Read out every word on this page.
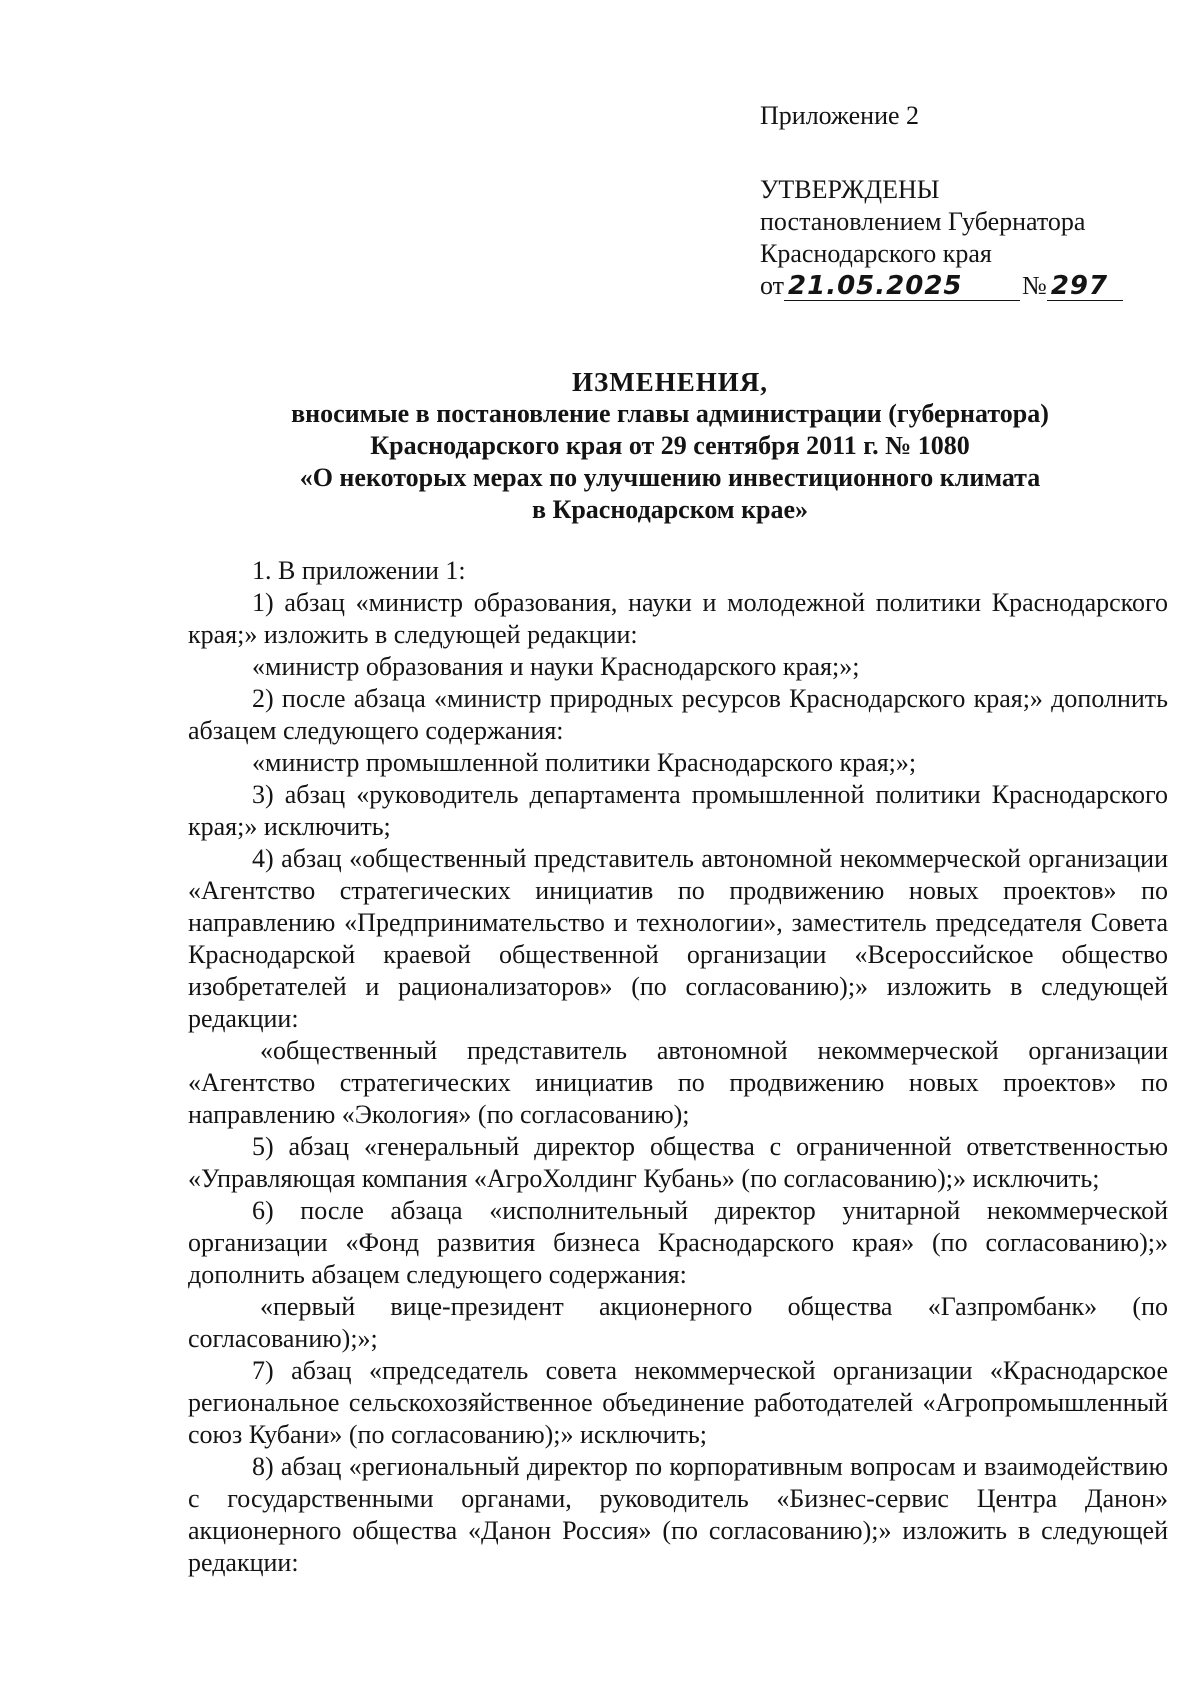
Приложение 2
УТВЕРЖДЕНЫ
постановлением Губернатора
Краснодарского края
от 21.05.2025 № 297
ИЗМЕНЕНИЯ,
вносимые в постановление главы администрации (губернатора)
Краснодарского края от 29 сентября 2011 г. № 1080
«О некоторых мерах по улучшению инвестиционного климата
в Краснодарском крае»

1. В приложении 1:

1) абзац «министр образования, науки и молодежной политики Краснодарского края;» изложить в следующей редакции:

«министр образования и науки Краснодарского края;»;

2) после абзаца «министр природных ресурсов Краснодарского края;» дополнить абзацем следующего содержания:

«министр промышленной политики Краснодарского края;»;

3) абзац «руководитель департамента промышленной политики Краснодарского края;» исключить;

4) абзац «общественный представитель автономной некоммерческой организации «Агентство стратегических инициатив по продвижению новых проектов» по направлению «Предпринимательство и технологии», заместитель председателя Совета Краснодарской краевой общественной организации «Всероссийское общество изобретателей и рационализаторов» (по согласованию);» изложить в следующей редакции:

«общественный представитель автономной некоммерческой организации «Агентство стратегических инициатив по продвижению новых проектов» по направлению «Экология» (по согласованию);

5) абзац «генеральный директор общества с ограниченной ответственностью «Управляющая компания «АгроХолдинг Кубань» (по согласованию);» исключить;

6) после абзаца «исполнительный директор унитарной некоммерческой организации «Фонд развития бизнеса Краснодарского края» (по согласованию);» дополнить абзацем следующего содержания:

«первый вице-президент акционерного общества «Газпромбанк» (по согласованию);»;

7) абзац «председатель совета некоммерческой организации «Краснодарское региональное сельскохозяйственное объединение работодателей «Агропромышленный союз Кубани» (по согласованию);» исключить;

8) абзац «региональный директор по корпоративным вопросам и взаимодействию с государственными органами, руководитель «Бизнес-сервис Центра Данон» акционерного общества «Данон Россия» (по согласованию);» изложить в следующей редакции:
